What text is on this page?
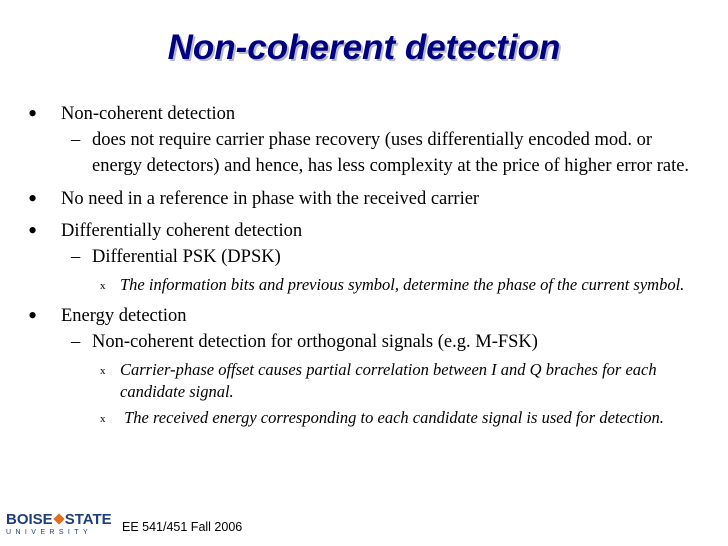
Non-coherent detection
• Non-coherent detection
– does not require carrier phase recovery (uses differentially encoded mod. or energy detectors) and hence, has less complexity at the price of higher error rate.
• No need in a reference in phase with the received carrier
• Differentially coherent detection
– Differential PSK (DPSK)
x The information bits and previous symbol, determine the phase of the current symbol.
• Energy detection
– Non-coherent detection for orthogonal signals (e.g. M-FSK)
x Carrier-phase offset causes partial correlation between I and Q braches for each candidate signal.
x The received energy corresponding to each candidate signal is used for detection.
BOISE STATE
UNIVERSITY	EE 541/451 Fall 2006
